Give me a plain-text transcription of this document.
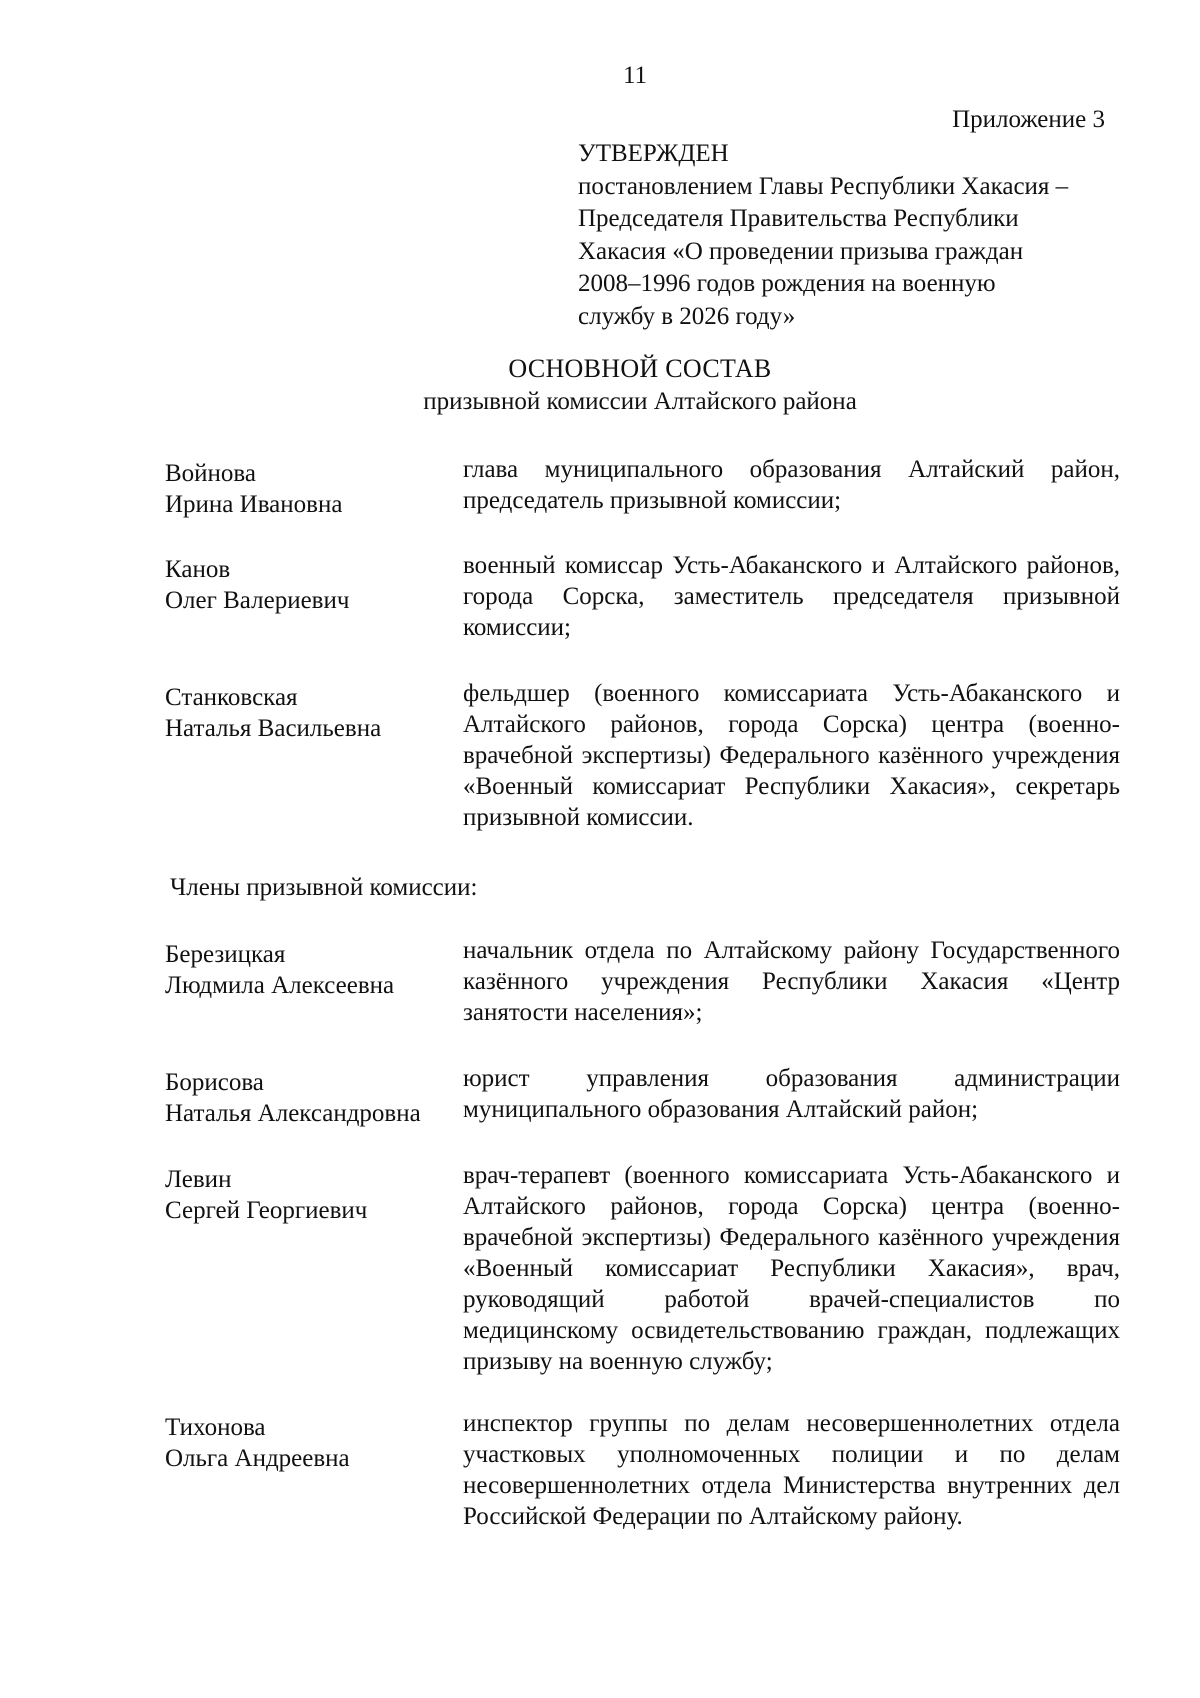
11
Приложение 3
УТВЕРЖДЕН
постановлением Главы Республики Хакасия –
Председателя Правительства Республики
Хакасия «О проведении призыва граждан
2008–1996 годов рождения на военную
службу в 2026 году»
ОСНОВНОЙ СОСТАВ
призывной комиссии Алтайского района
Войнова
Ирина Ивановна
глава муниципального образования Алтайский район, председатель призывной комиссии;
Канов
Олег Валериевич
военный комиссар Усть-Абаканского и Алтайского районов, города Сорска, заместитель председателя призывной комиссии;
Станковская
Наталья Васильевна
фельдшер (военного комиссариата Усть-Абаканского и Алтайского районов, города Сорска) центра (военно-врачебной экспертизы) Федерального казённого учреждения «Военный комиссариат Республики Хакасия», секретарь призывной комиссии.
Члены призывной комиссии:
Березицкая
Людмила Алексеевна
начальник отдела по Алтайскому району Государственного казённого учреждения Республики Хакасия «Центр занятости населения»;
Борисова
Наталья Александровна
юрист управления образования администрации муниципального образования Алтайский район;
Левин
Сергей Георгиевич
врач-терапевт (военного комиссариата Усть-Абаканского и Алтайского районов, города Сорска) центра (военно-врачебной экспертизы) Федерального казённого учреждения «Военный комиссариат Республики Хакасия», врач, руководящий работой врачей-специалистов по медицинскому освидетельствованию граждан, подлежащих призыву на военную службу;
Тихонова
Ольга Андреевна
инспектор группы по делам несовершеннолетних отдела участковых уполномоченных полиции и по делам несовершеннолетних отдела Министерства внутренних дел Российской Федерации по Алтайскому району.
